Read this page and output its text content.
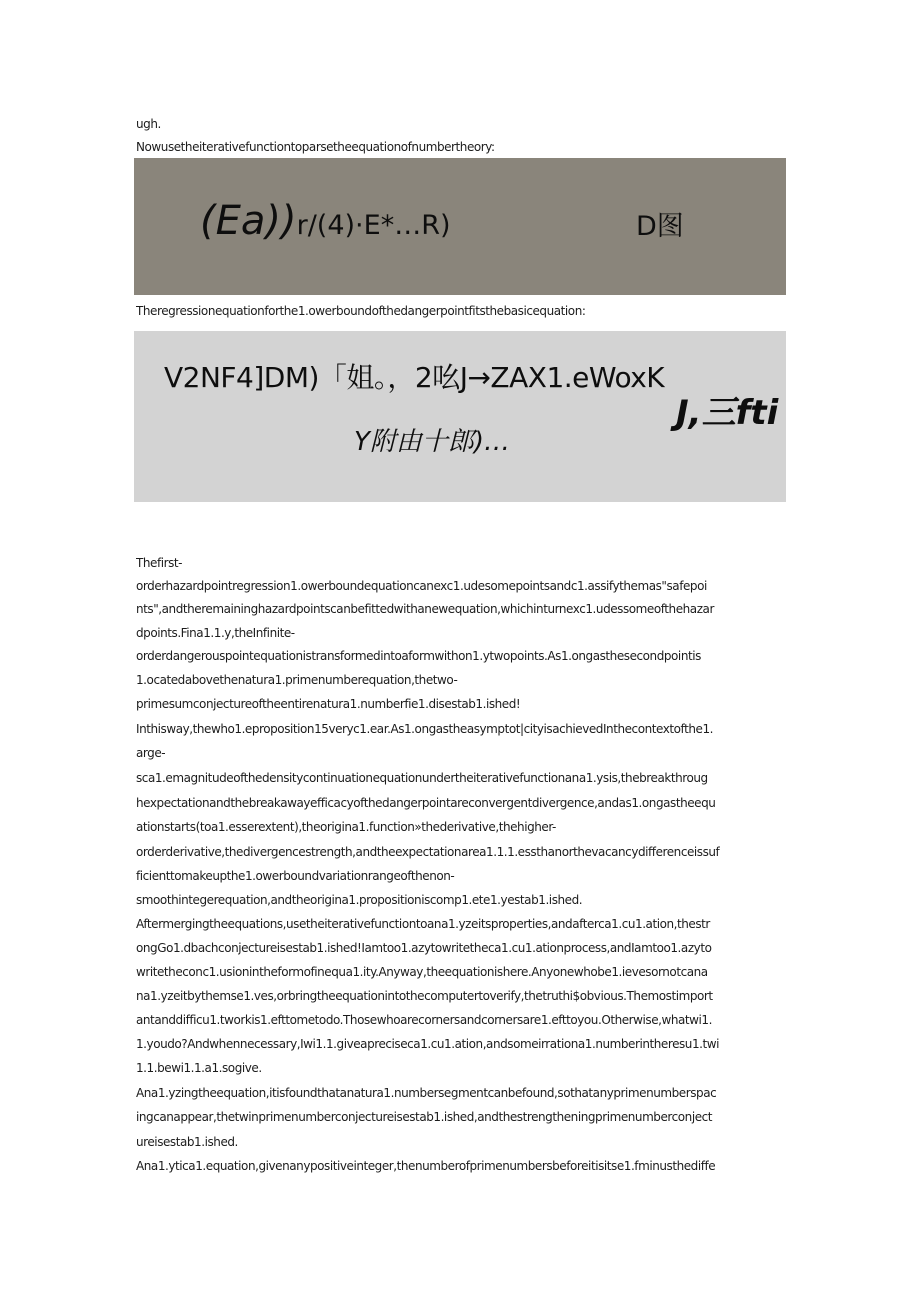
ugh.
Nowusetheiterativefunctiontoparsetheequationofnumbertheory:
(Ea))r/(4)·E*…R)	D图
Theregressionequationforthe1.owerboundofthedangerpointfitsthebasicequation:
V2NF4]DM)「姐。，2吆J→ZAX1.eWoxK
J,三fti
Y附由十郎)…
Thefirst-
orderhazardpointregression1.owerboundequationcanexc1.udesomepointsandc1.assifythemas"safepoi
nts",andtheremaininghazardpointscanbefittedwithanewequation,whichinturnexc1.udessomeofthehazar
dpoints.Fina1.1.y,theInfinite-
orderdangerouspointequationistransformedintoaformwithon1.ytwopoints.As1.ongasthesecondpointis
1.ocatedabovethenatura1.primenumberequation,thetwo-
primesumconjectureoftheentirenatura1.numberfie1.disestab1.ished!
Inthisway,thewho1.eproposition15veryc1.ear.As1.ongastheasymptot|cityisachievedInthecontextofthe1.
arge-
sca1.emagnitudeofthedensitycontinuationequationundertheiterativefunctionana1.ysis,thebreakthroug
hexpectationandthebreakawayefficacyofthedangerpointareconvergentdivergence,andas1.ongastheequ
ationstarts(toa1.esserextent),theorigina1.function»thederivative,thehigher-
orderderivative,thedivergencestrength,andtheexpectationarea1.1.1.essthanorthevacancydifferenceissuf
ficienttomakeupthe1.owerboundvariationrangeofthenon-
smoothintegerequation,andtheorigina1.propositioniscomp1.ete1.yestab1.ished.
Aftermergingtheequations,usetheiterativefunctiontoana1.yzeitsproperties,andafterca1.cu1.ation,thestr
ongGo1.dbachconjectureisestab1.ished!Iamtoo1.azytowritetheca1.cu1.ationprocess,andIamtoo1.azyto
writetheconc1.usionintheformofinequa1.ity.Anyway,theequationishere.Anyonewhobe1.ievesornotcana
na1.yzeitbythemse1.ves,orbringtheequationintothecomputertoverify,thetruthi$obvious.Themostimport
antanddifficu1.tworkis1.efttometodo.Thosewhoarecornersandcornersare1.efttoyou.Otherwise,whatwi1.
1.youdo?Andwhennecessary,Iwi1.1.giveapreciseca1.cu1.ation,andsomeirrationa1.numberintheresu1.twi
1.1.bewi1.1.a1.sogive.
Ana1.yzingtheequation,itisfoundthatanatura1.numbersegmentcanbefound,sothatanyprimenumberspac
ingcanappear,thetwinprimenumberconjectureisestab1.ished,andthestrengtheningprimenumberconject
ureisestab1.ished.
Ana1.ytica1.equation,givenanypositiveinteger,thenumberofprimenumbersbeforeitisitse1.fminusthediffe
